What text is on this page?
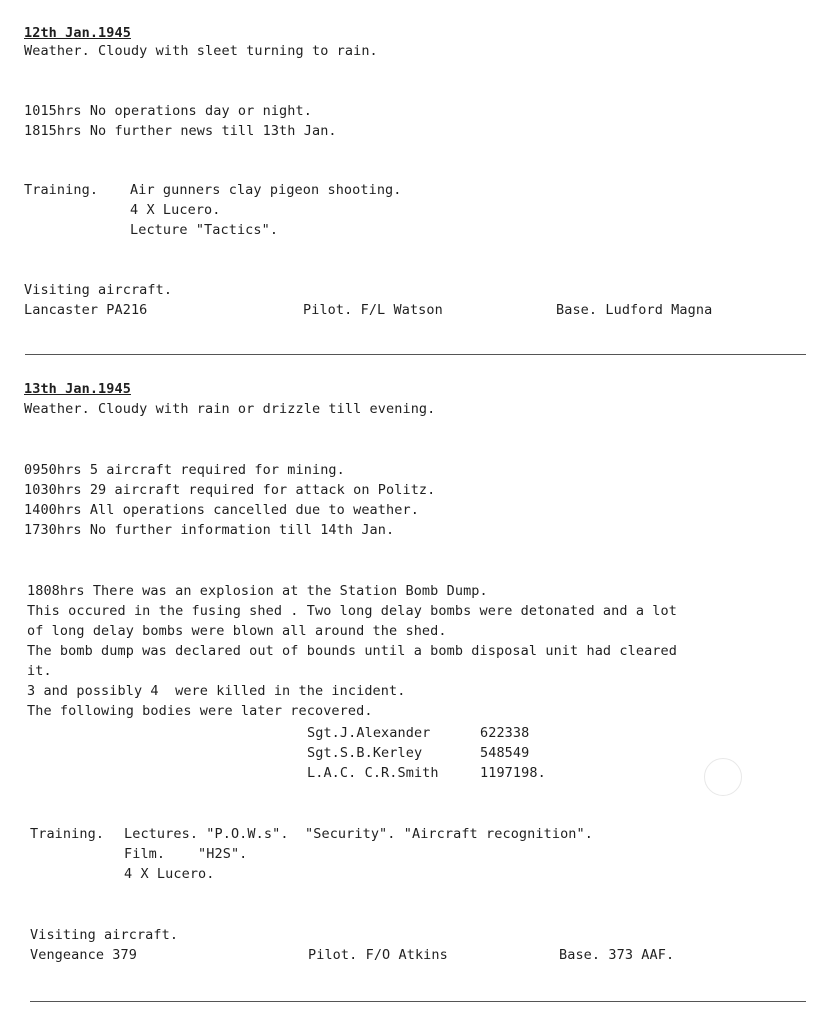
12th Jan.1945
Weather. Cloudy with sleet turning to rain.
1015hrs No operations day or night.
1815hrs No further news till 13th Jan.
Training. Air gunners clay pigeon shooting.
4 X Lucero.
Lecture "Tactics".
Visiting aircraft.
Lancaster PA216	Pilot. F/L Watson	Base. Ludford Magna
13th Jan.1945
Weather. Cloudy with rain or drizzle till evening.
0950hrs 5 aircraft required for mining.
1030hrs 29 aircraft required for attack on Politz.
1400hrs All operations cancelled due to weather.
1730hrs No further information till 14th Jan.
1808hrs There was an explosion at the Station Bomb Dump.
This occured in the fusing shed . Two long delay bombs were detonated and a lot
of long delay bombs were blown all around the shed.
The bomb dump was declared out of bounds until a bomb disposal unit had cleared
it.
3 and possibly 4  were killed in the incident.
The following bodies were later recovered.
Sgt.J.Alexander	622338
Sgt.S.B.Kerley	548549
L.A.C. C.R.Smith	1197198.
Training. Lectures. "P.O.W.s".  "Security". "Aircraft recognition".
Film.    "H2S".
4 X Lucero.
Visiting aircraft.
Vengeance 379	Pilot. F/O Atkins	Base. 373 AAF.
